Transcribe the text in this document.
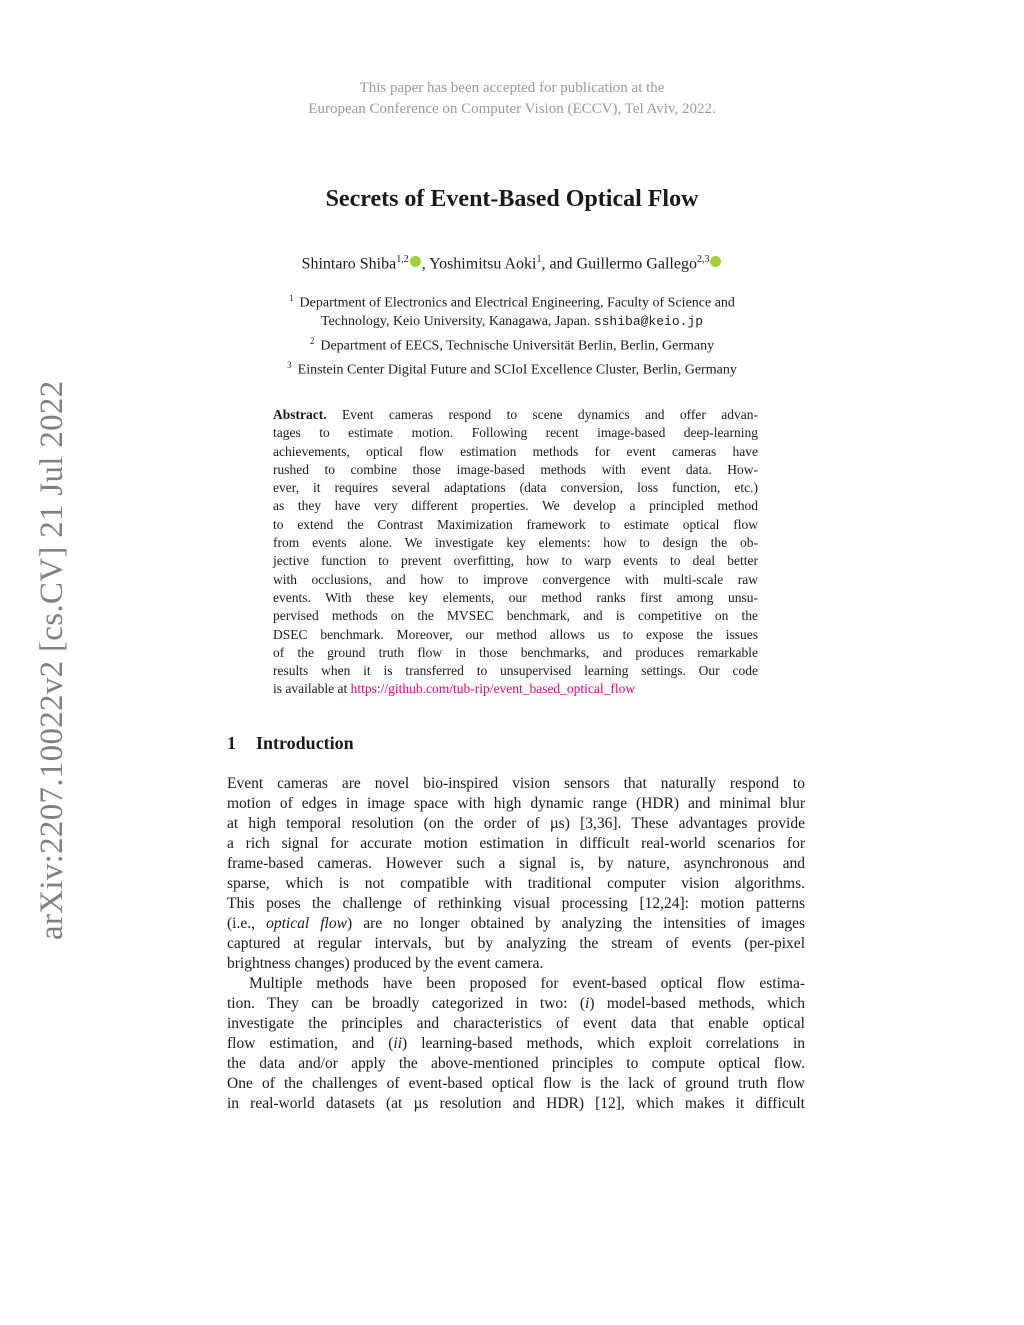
This paper has been accepted for publication at the
European Conference on Computer Vision (ECCV), Tel Aviv, 2022.
arXiv:2207.10022v2 [cs.CV] 21 Jul 2022
Secrets of Event-Based Optical Flow
Shintaro Shiba$^{1,2}$ , Yoshimitsu Aoki$^1$, and Guillermo Gallego$^{2,3}$
$^1$ Department of Electronics and Electrical Engineering, Faculty of Science and
Technology, Keio University, Kanagawa, Japan. sshiba@keio.jp
$^2$ Department of EECS, Technische Universität Berlin, Berlin, Germany
$^3$ Einstein Center Digital Future and SCIoI Excellence Cluster, Berlin, Germany
Abstract. Event cameras respond to scene dynamics and offer advan-
tages to estimate motion. Following recent image-based deep-learning
achievements, optical flow estimation methods for event cameras have
rushed to combine those image-based methods with event data. How-
ever, it requires several adaptations (data conversion, loss function, etc.)
as they have very different properties. We develop a principled method
to extend the Contrast Maximization framework to estimate optical flow
from events alone. We investigate key elements: how to design the ob-
jective function to prevent overfitting, how to warp events to deal better
with occlusions, and how to improve convergence with multi-scale raw
events. With these key elements, our method ranks first among unsu-
pervised methods on the MVSEC benchmark, and is competitive on the
DSEC benchmark. Moreover, our method allows us to expose the issues
of the ground truth flow in those benchmarks, and produces remarkable
results when it is transferred to unsupervised learning settings. Our code
is available at https://github.com/tub-rip/event_based_optical_flow
1 Introduction
Event cameras are novel bio-inspired vision sensors that naturally respond to
motion of edges in image space with high dynamic range (HDR) and minimal blur
at high temporal resolution (on the order of µs) [3,36]. These advantages provide
a rich signal for accurate motion estimation in difficult real-world scenarios for
frame-based cameras. However such a signal is, by nature, asynchronous and
sparse, which is not compatible with traditional computer vision algorithms.
This poses the challenge of rethinking visual processing [12,24]: motion patterns
(i.e., optical flow) are no longer obtained by analyzing the intensities of images
captured at regular intervals, but by analyzing the stream of events (per-pixel
brightness changes) produced by the event camera.
Multiple methods have been proposed for event-based optical flow estima-
tion. They can be broadly categorized in two: (i) model-based methods, which
investigate the principles and characteristics of event data that enable optical
flow estimation, and (ii) learning-based methods, which exploit correlations in
the data and/or apply the above-mentioned principles to compute optical flow.
One of the challenges of event-based optical flow is the lack of ground truth flow
in real-world datasets (at µs resolution and HDR) [12], which makes it difficult
